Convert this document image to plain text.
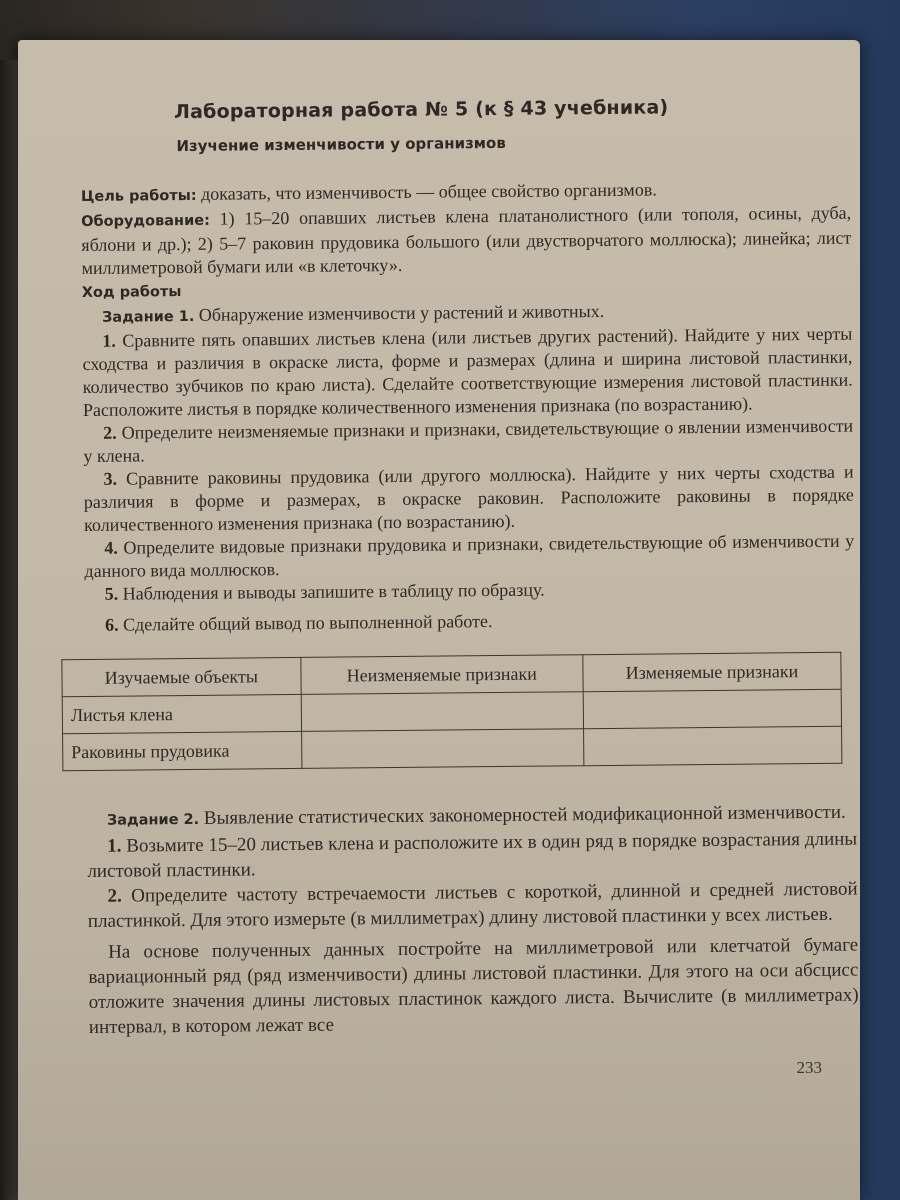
Лабораторная работа № 5 (к § 43 учебника)
Изучение изменчивости у организмов

Цель работы: доказать, что изменчивость — общее свойство организмов.

Оборудование: 1) 15–20 опавших листьев клена платанолистного (или тополя, осины, дуба, яблони и др.); 2) 5–7 раковин прудовика большого (или двустворчатого моллюска); линейка; лист миллиметровой бумаги или «в клеточку».

Ход работы

Задание 1. Обнаружение изменчивости у растений и животных.

1. Сравните пять опавших листьев клена (или листьев других растений). Найдите у них черты сходства и различия в окраске листа, форме и размерах (длина и ширина листовой пластинки, количество зубчиков по краю листа). Сделайте соответствующие измерения листовой пластинки. Расположите листья в порядке количественного изменения признака (по возрастанию).

2. Определите неизменяемые признаки и признаки, свидетельствующие о явлении изменчивости у клена.

3. Сравните раковины прудовика (или другого моллюска). Найдите у них черты сходства и различия в форме и размерах, в окраске раковин. Расположите раковины в порядке количественного изменения признака (по возрастанию).

4. Определите видовые признаки прудовика и признаки, свидетельствующие об изменчивости у данного вида моллюсков.

5. Наблюдения и выводы запишите в таблицу по образцу.

6. Сделайте общий вывод по выполненной работе.

Изучаемые объекты	Неизменяемые признаки	Изменяемые признаки
Листья клена		
Раковины прудовика		

Задание 2. Выявление статистических закономерностей модификационной изменчивости.

1. Возьмите 15–20 листьев клена и расположите их в один ряд в порядке возрастания длины листовой пластинки.

2. Определите частоту встречаемости листьев с короткой, длинной и средней листовой пластинкой. Для этого измерьте (в миллиметрах) длину листовой пластинки у всех листьев.

На основе полученных данных постройте на миллиметровой или клетчатой бумаге вариационный ряд (ряд изменчивости) длины листовой пластинки. Для этого на оси абсцисс отложите значения длины листовых пластинок каждого листа. Вычислите (в миллиметрах) интервал, в котором лежат все

233
